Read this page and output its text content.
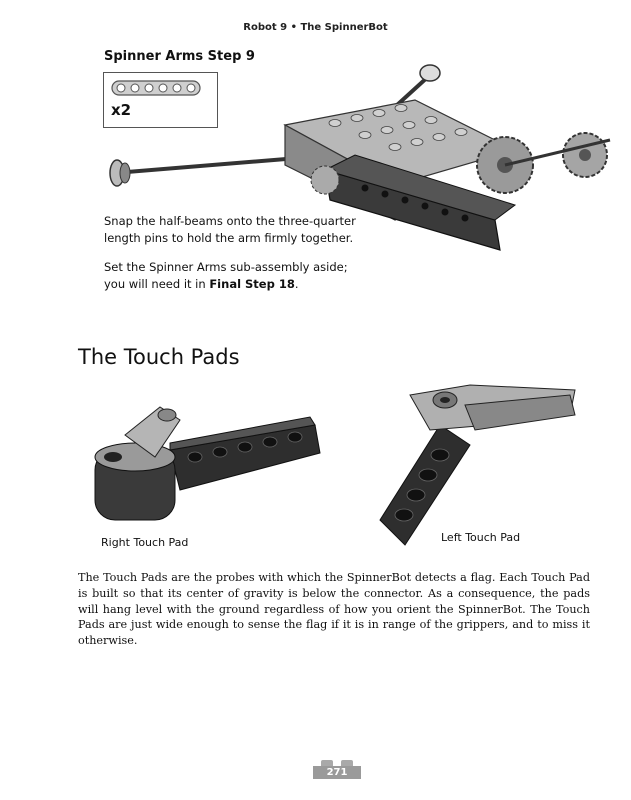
Robot 9 • The SpinnerBot
Spinner Arms Step 9
x2
Snap the half-beams onto the three-quarter
length pins to hold the arm firmly together.
Set the Spinner Arms sub-assembly aside;
you will need it in Final Step 18.
The Touch Pads
Right Touch Pad	Left Touch Pad
The Touch Pads are the probes with which the SpinnerBot detects a flag. Each Touch Pad is built so that its center of gravity is below the connector. As a consequence, the pads will hang level with the ground regardless of how you orient the SpinnerBot. The Touch Pads are just wide enough to sense the flag if it is in range of the grippers, and to miss it otherwise.
271
